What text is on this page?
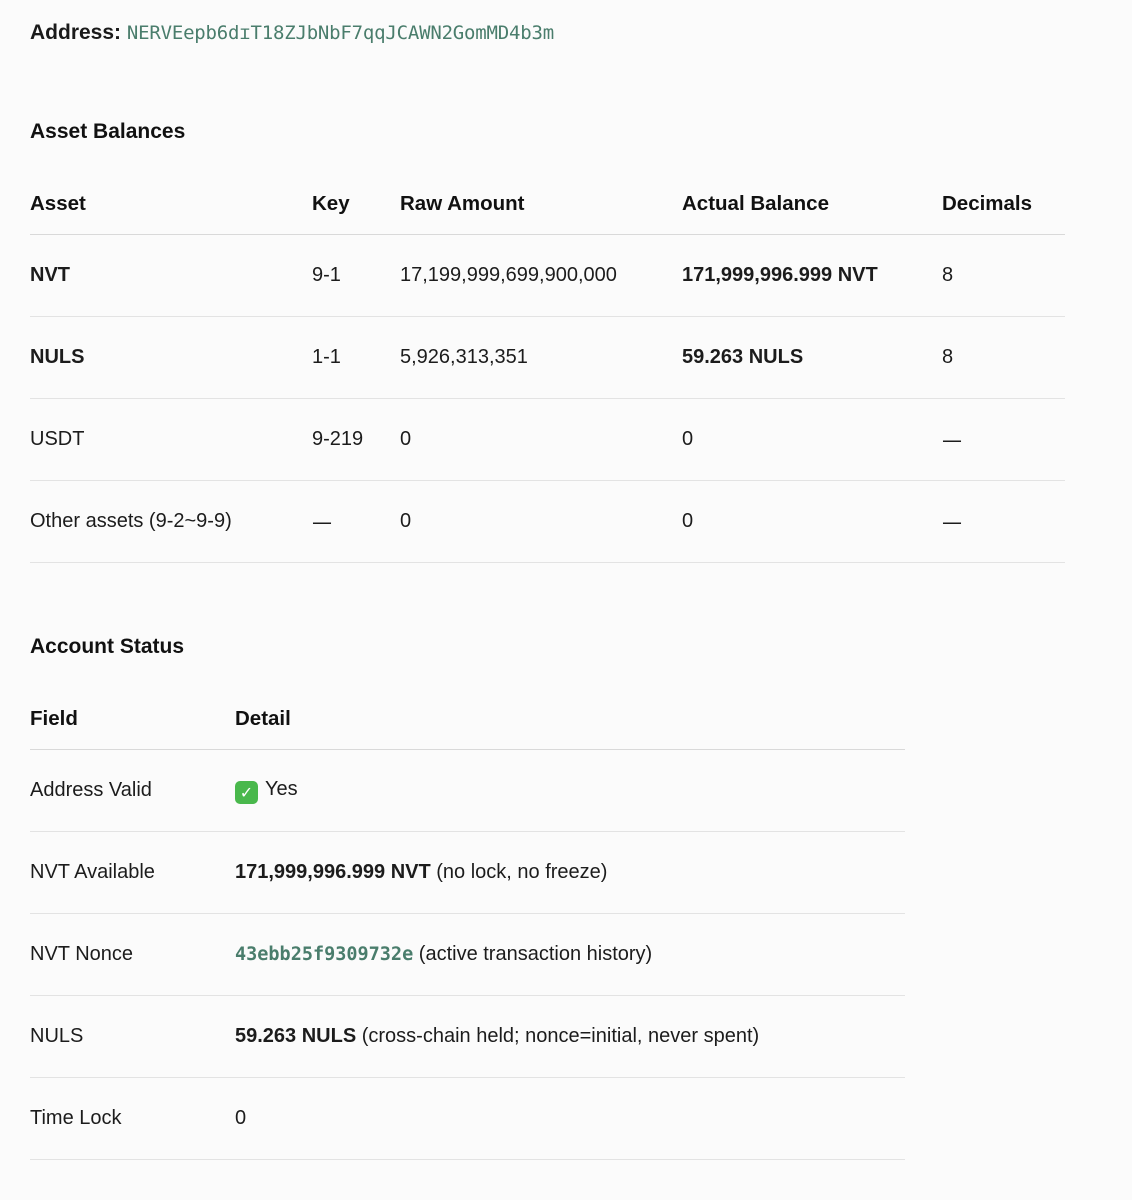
Address: NERVEepb6dɪT18ZJbNbF7qqJCAWN2GomMD4b3m

Asset Balances
Asset	Key	Raw Amount	Actual Balance	Decimals
NVT	9-1	17,199,999,699,900,000	171,999,996.999 NVT	8
NULS	1-1	5,926,313,351	59.263 NULS	8
USDT	9-219	0	0	—
Other assets (9-2~9-9)	—	0	0	—
Account Status
Field	Detail
Address Valid	✓ Yes
NVT Available	171,999,996.999 NVT (no lock, no freeze)
NVT Nonce	43ebb25f9309732e (active transaction history)
NULS	59.263 NULS (cross-chain held; nonce=initial, never spent)
Time Lock	0
